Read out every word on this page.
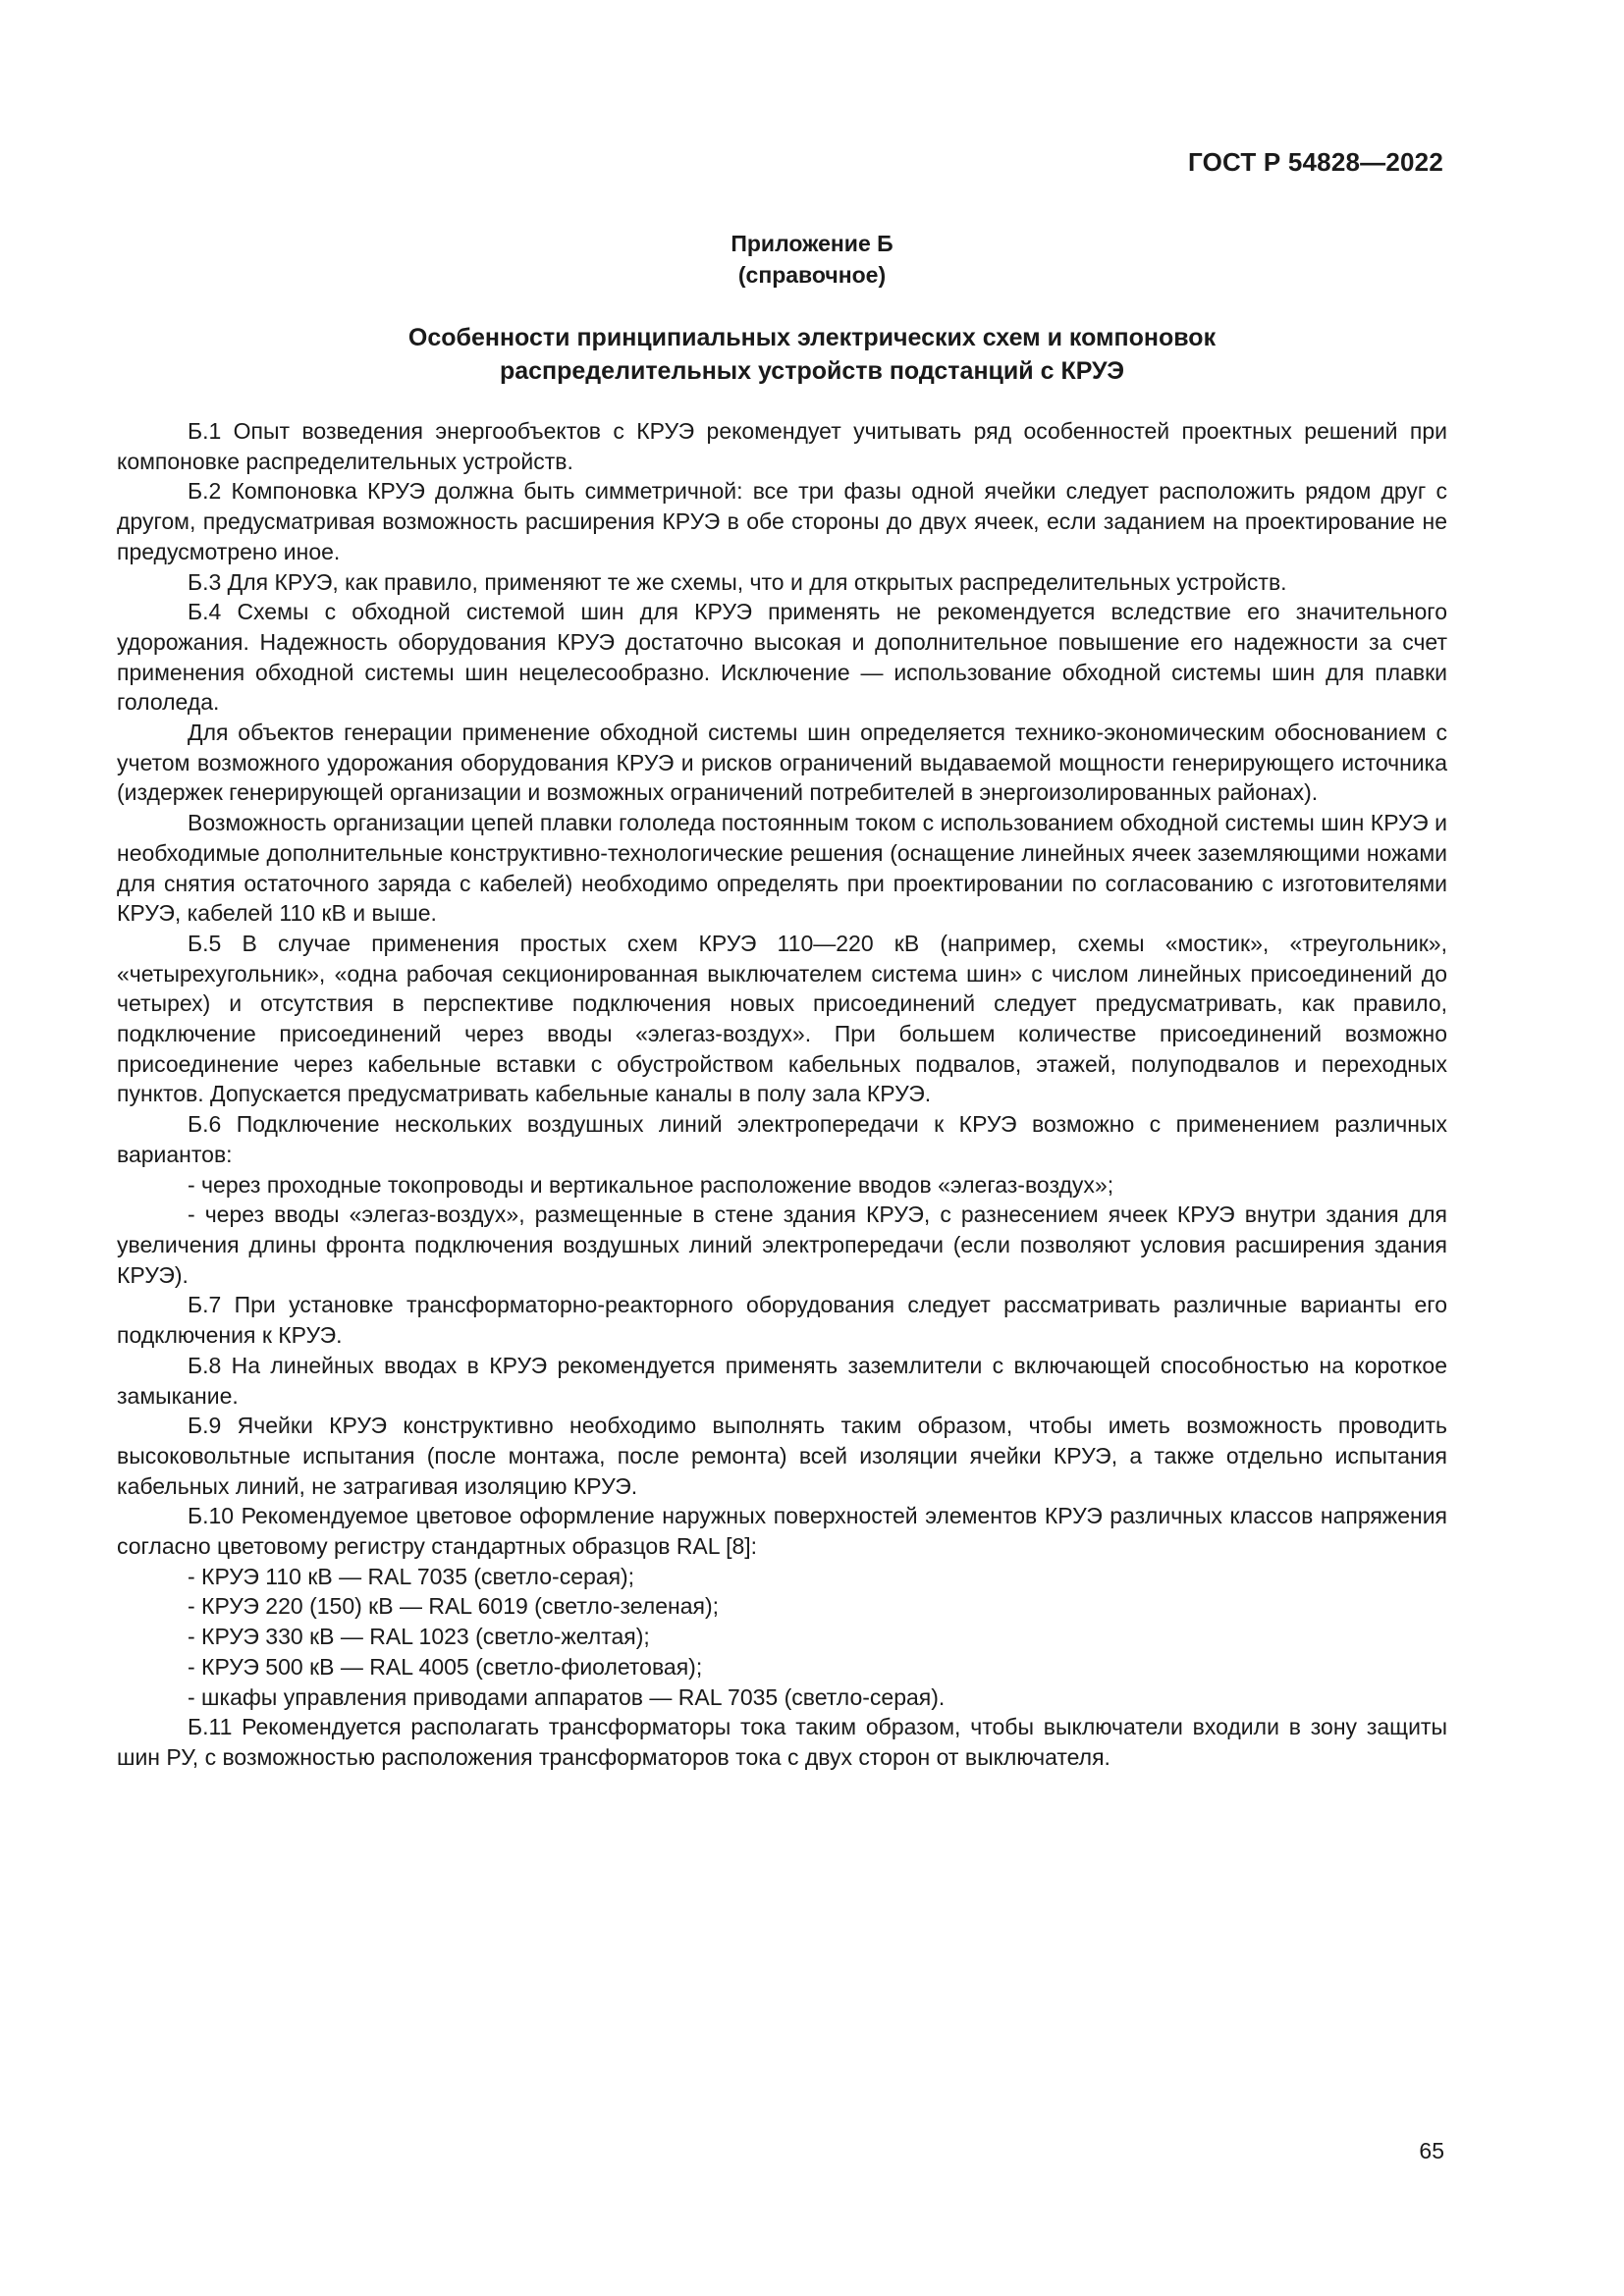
ГОСТ Р 54828—2022
Приложение Б
(справочное)
Особенности принципиальных электрических схем и компоновок
распределительных устройств подстанций с КРУЭ

Б.1 Опыт возведения энергообъектов с КРУЭ рекомендует учитывать ряд особенностей проектных решений при компоновке распределительных устройств.

Б.2 Компоновка КРУЭ должна быть симметричной: все три фазы одной ячейки следует расположить рядом друг с другом, предусматривая возможность расширения КРУЭ в обе стороны до двух ячеек, если заданием на проектирование не предусмотрено иное.

Б.3 Для КРУЭ, как правило, применяют те же схемы, что и для открытых распределительных устройств.

Б.4 Схемы с обходной системой шин для КРУЭ применять не рекомендуется вследствие его значительного удорожания. Надежность оборудования КРУЭ достаточно высокая и дополнительное повышение его надежности за счет применения обходной системы шин нецелесообразно. Исключение — использование обходной системы шин для плавки гололеда.

Для объектов генерации применение обходной системы шин определяется технико-экономическим обоснованием с учетом возможного удорожания оборудования КРУЭ и рисков ограничений выдаваемой мощности генерирующего источника (издержек генерирующей организации и возможных ограничений потребителей в энергоизолированных районах).

Возможность организации цепей плавки гололеда постоянным током с использованием обходной системы шин КРУЭ и необходимые дополнительные конструктивно-технологические решения (оснащение линейных ячеек заземляющими ножами для снятия остаточного заряда с кабелей) необходимо определять при проектировании по согласованию с изготовителями КРУЭ, кабелей 110 кВ и выше.

Б.5 В случае применения простых схем КРУЭ 110—220 кВ (например, схемы «мостик», «треугольник», «четырехугольник», «одна рабочая секционированная выключателем система шин» с числом линейных присоединений до четырех) и отсутствия в перспективе подключения новых присоединений следует предусматривать, как правило, подключение присоединений через вводы «элегаз-воздух». При большем количестве присоединений возможно присоединение через кабельные вставки с обустройством кабельных подвалов, этажей, полуподвалов и переходных пунктов. Допускается предусматривать кабельные каналы в полу зала КРУЭ.

Б.6 Подключение нескольких воздушных линий электропередачи к КРУЭ возможно с применением различных вариантов:

- через проходные токопроводы и вертикальное расположение вводов «элегаз-воздух»;

- через вводы «элегаз-воздух», размещенные в стене здания КРУЭ, с разнесением ячеек КРУЭ внутри здания для увеличения длины фронта подключения воздушных линий электропередачи (если позволяют условия расширения здания КРУЭ).

Б.7 При установке трансформаторно-реакторного оборудования следует рассматривать различные варианты его подключения к КРУЭ.

Б.8 На линейных вводах в КРУЭ рекомендуется применять заземлители с включающей способностью на короткое замыкание.

Б.9 Ячейки КРУЭ конструктивно необходимо выполнять таким образом, чтобы иметь возможность проводить высоковольтные испытания (после монтажа, после ремонта) всей изоляции ячейки КРУЭ, а также отдельно испытания кабельных линий, не затрагивая изоляцию КРУЭ.

Б.10 Рекомендуемое цветовое оформление наружных поверхностей элементов КРУЭ различных классов напряжения согласно цветовому регистру стандартных образцов RAL [8]:

- КРУЭ 110 кВ — RAL 7035 (светло-серая);

- КРУЭ 220 (150) кВ — RAL 6019 (светло-зеленая);

- КРУЭ 330 кВ — RAL 1023 (светло-желтая);

- КРУЭ 500 кВ — RAL 4005 (светло-фиолетовая);

- шкафы управления приводами аппаратов — RAL 7035 (светло-серая).

Б.11 Рекомендуется располагать трансформаторы тока таким образом, чтобы выключатели входили в зону защиты шин РУ, с возможностью расположения трансформаторов тока с двух сторон от выключателя.

65
